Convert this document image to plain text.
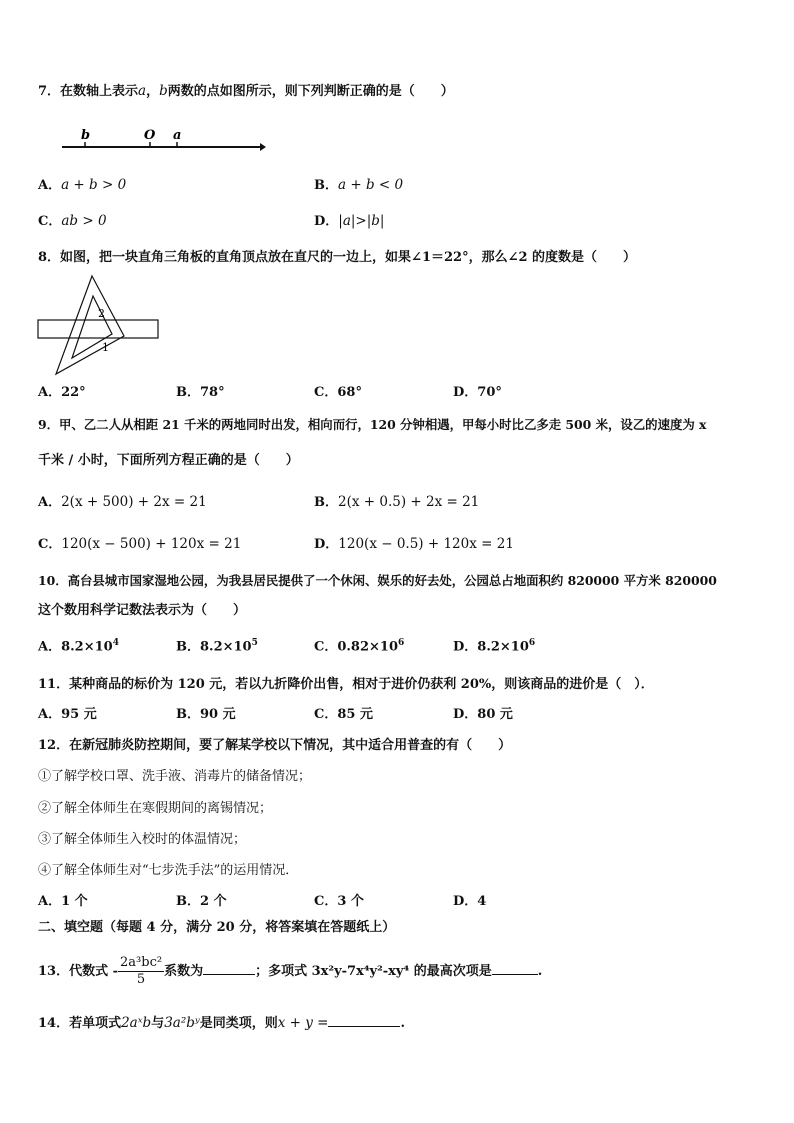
7．在数轴上表示a，b两数的点如图所示，则下列判断正确的是（　　）
b	O a
A．a + b > 0	B．a + b < 0
C．ab > 0	D．|a|>|b|
8．如图，把一块直角三角板的直角顶点放在直尺的一边上，如果∠1＝22°，那么∠2 的度数是（　　）
2
1
A．22°	B．78°	C．68°	D．70°
9．甲、乙二人从相距 21 千米的两地同时出发，相向而行，120 分钟相遇，甲每小时比乙多走 500 米，设乙的速度为 x
千米 / 小时，下面所列方程正确的是（　　）
A．2(x + 500) + 2x = 21	B．2(x + 0.5) + 2x = 21
C．120(x − 500) + 120x = 21	D．120(x − 0.5) + 120x = 21
10．高台县城市国家湿地公园，为我县居民提供了一个休闲、娱乐的好去处，公园总占地面积约 820000 平方米 820000
这个数用科学记数法表示为（　　）
A．$8.2\times 10^4$	B．$8.2\times 10^5$	C．$0.82\times 10^6$	D．$8.2\times 10^6$
11．某种商品的标价为 120 元，若以九折降价出售，相对于进价仍获利 20%，则该商品的进价是（　）．
A．95 元	B．90 元	C．85 元	D．80 元
12．在新冠肺炎防控期间，要了解某学校以下情况，其中适合用普查的有（　　）
①了解学校口罩、洗手液、消毒片的储备情况；
②了解全体师生在寒假期间的离锡情况；
③了解全体师生入校时的体温情况；
④了解全体师生对“七步洗手法”的运用情况．
A．1 个	B．2 个	C．3 个	D．4
二、填空题（每题 4 分，满分 20 分，将答案填在答题纸上）
13．代数式 - $\frac{\text{2a³bc²}}{5}$ 系数为	；多项式 3x²y-7x⁴y²-xy⁴ 的最高次项是	.
14．若单项式2aˣb与3a²bʸ是同类项，则x + y =	.
